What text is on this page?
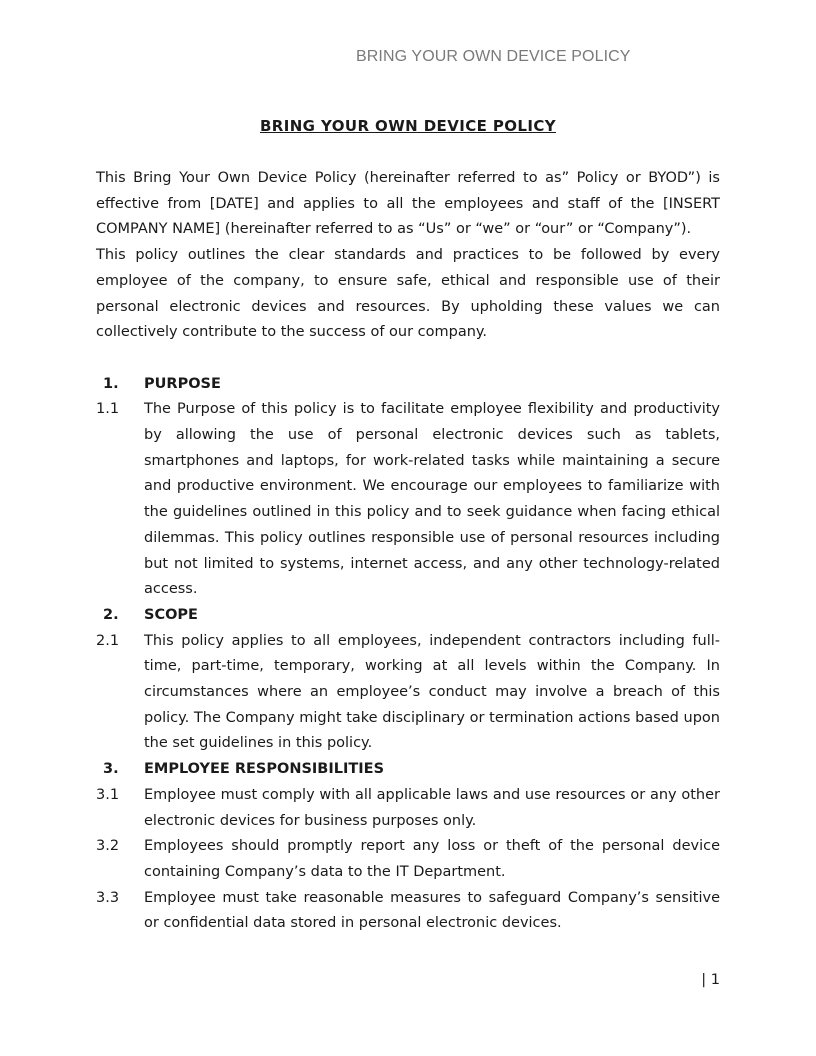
BRING YOUR OWN DEVICE POLICY
BRING YOUR OWN DEVICE POLICY

This Bring Your Own Device Policy (hereinafter referred to as” Policy or BYOD”) is effective from [DATE] and applies to all the employees and staff of the [INSERT COMPANY NAME] (hereinafter referred to as “Us” or “we” or “our” or “Company”).

This policy outlines the clear standards and practices to be followed by every employee of the company, to ensure safe, ethical and responsible use of their personal electronic devices and resources. By upholding these values we can collectively contribute to the success of our company.

1.	PURPOSE
1.1	The Purpose of this policy is to facilitate employee flexibility and productivity by allowing the use of personal electronic devices such as tablets, smartphones and laptops, for work-related tasks while maintaining a secure and productive environment. We encourage our employees to familiarize with the guidelines outlined in this policy and to seek guidance when facing ethical dilemmas. This policy outlines responsible use of personal resources including but not limited to systems, internet access, and any other technology-related access.
2.	SCOPE
2.1	This policy applies to all employees, independent contractors including full-time, part-time, temporary, working at all levels within the Company. In circumstances where an employee’s conduct may involve a breach of this policy. The Company might take disciplinary or termination actions based upon the set guidelines in this policy.
3.	EMPLOYEE RESPONSIBILITIES
3.1	Employee must comply with all applicable laws and use resources or any other electronic devices for business purposes only.
3.2	Employees should promptly report any loss or theft of the personal device containing Company’s data to the IT Department.
3.3	Employee must take reasonable measures to safeguard Company’s sensitive or confidential data stored in personal electronic devices.
| 1
